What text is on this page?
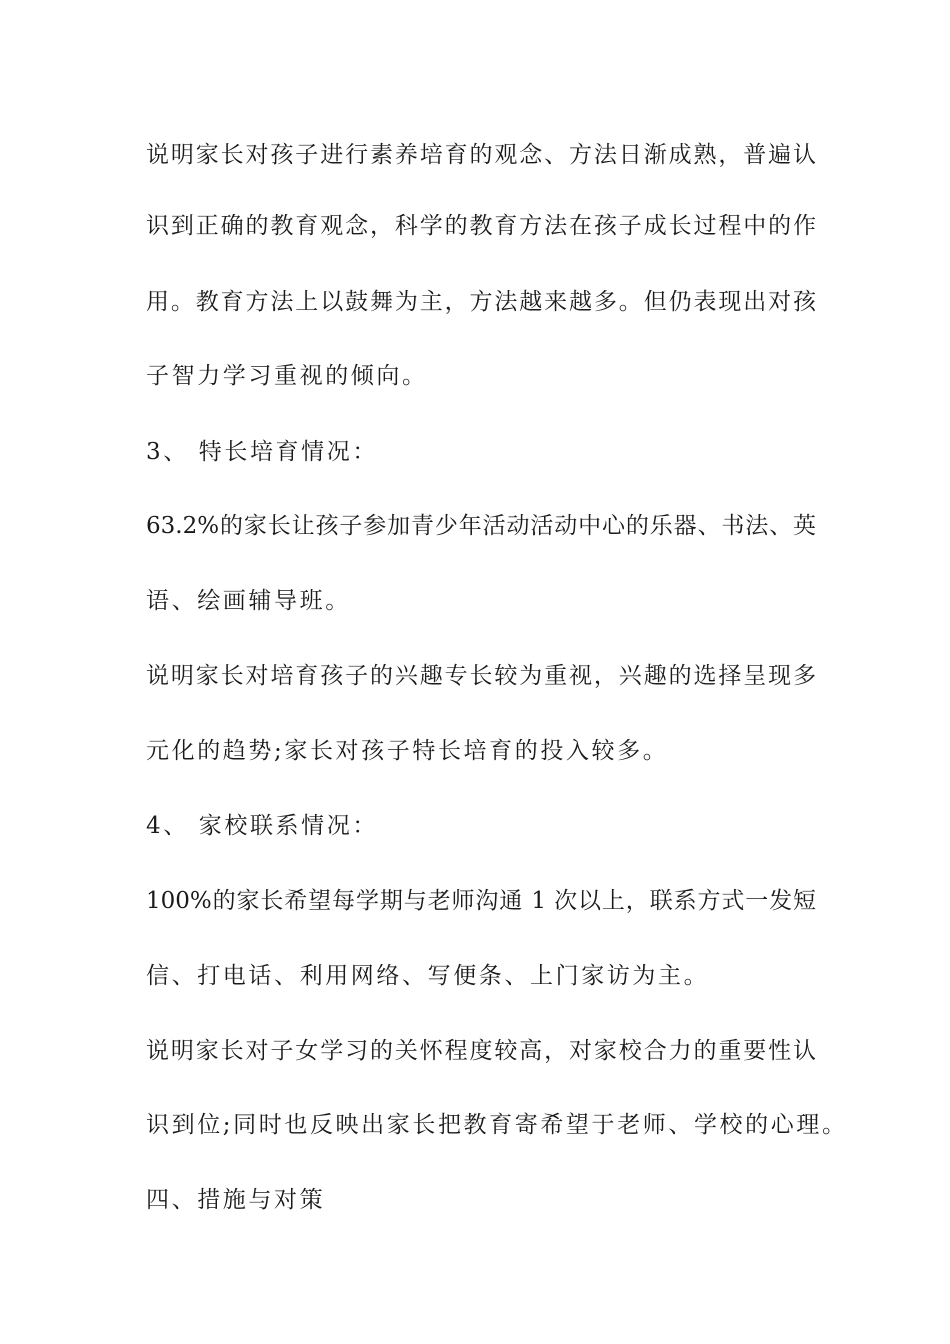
说明家长对孩子进行素养培育的观念、方法日渐成熟，普遍认
识到正确的教育观念，科学的教育方法在孩子成长过程中的作
用。教育方法上以鼓舞为主，方法越来越多。但仍表现出对孩
子智力学习重视的倾向。
3、 特长培育情况：
63.2%的家长让孩子参加青少年活动活动中心的乐器、书法、英
语、绘画辅导班。
说明家长对培育孩子的兴趣专长较为重视，兴趣的选择呈现多
元化的趋势;家长对孩子特长培育的投入较多。
4、 家校联系情况：
100%的家长希望每学期与老师沟通 1 次以上，联系方式一发短
信、打电话、利用网络、写便条、上门家访为主。
说明家长对子女学习的关怀程度较高，对家校合力的重要性认
识到位;同时也反映出家长把教育寄希望于老师、学校的心理。
四、措施与对策
